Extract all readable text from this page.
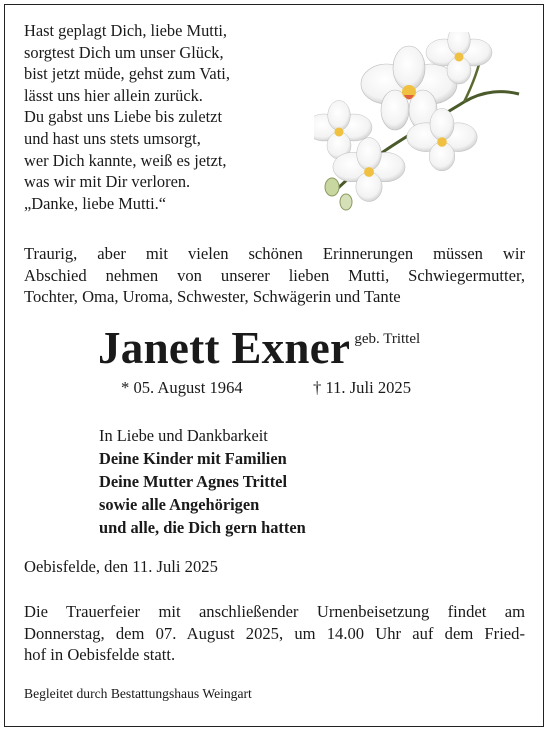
Hast geplagt Dich, liebe Mutti,
sorgtest Dich um unser Glück,
bist jetzt müde, gehst zum Vati,
lässt uns hier allein zurück.
Du gabst uns Liebe bis zuletzt
und hast uns stets umsorgt,
wer Dich kannte, weiß es jetzt,
was wir mit Dir verloren.
„Danke, liebe Mutti.“
Traurig, aber mit vielen schönen Erinnerungen müssen wir
Abschied nehmen von unserer lieben Mutti, Schwiegermutter,
Tochter, Oma, Uroma, Schwester, Schwägerin und Tante
Janett Exner geb. Trittel
* 05. August 1964	† 11. Juli 2025
In Liebe und Dankbarkeit
Deine Kinder mit Familien
Deine Mutter Agnes Trittel
sowie alle Angehörigen
und alle, die Dich gern hatten
Oebisfelde, den 11. Juli 2025
Die Trauerfeier mit anschließender Urnenbeisetzung findet am
Donnerstag, dem 07. August 2025, um 14.00 Uhr auf dem Fried-
hof in Oebisfelde statt.
Begleitet durch Bestattungshaus Weingart
